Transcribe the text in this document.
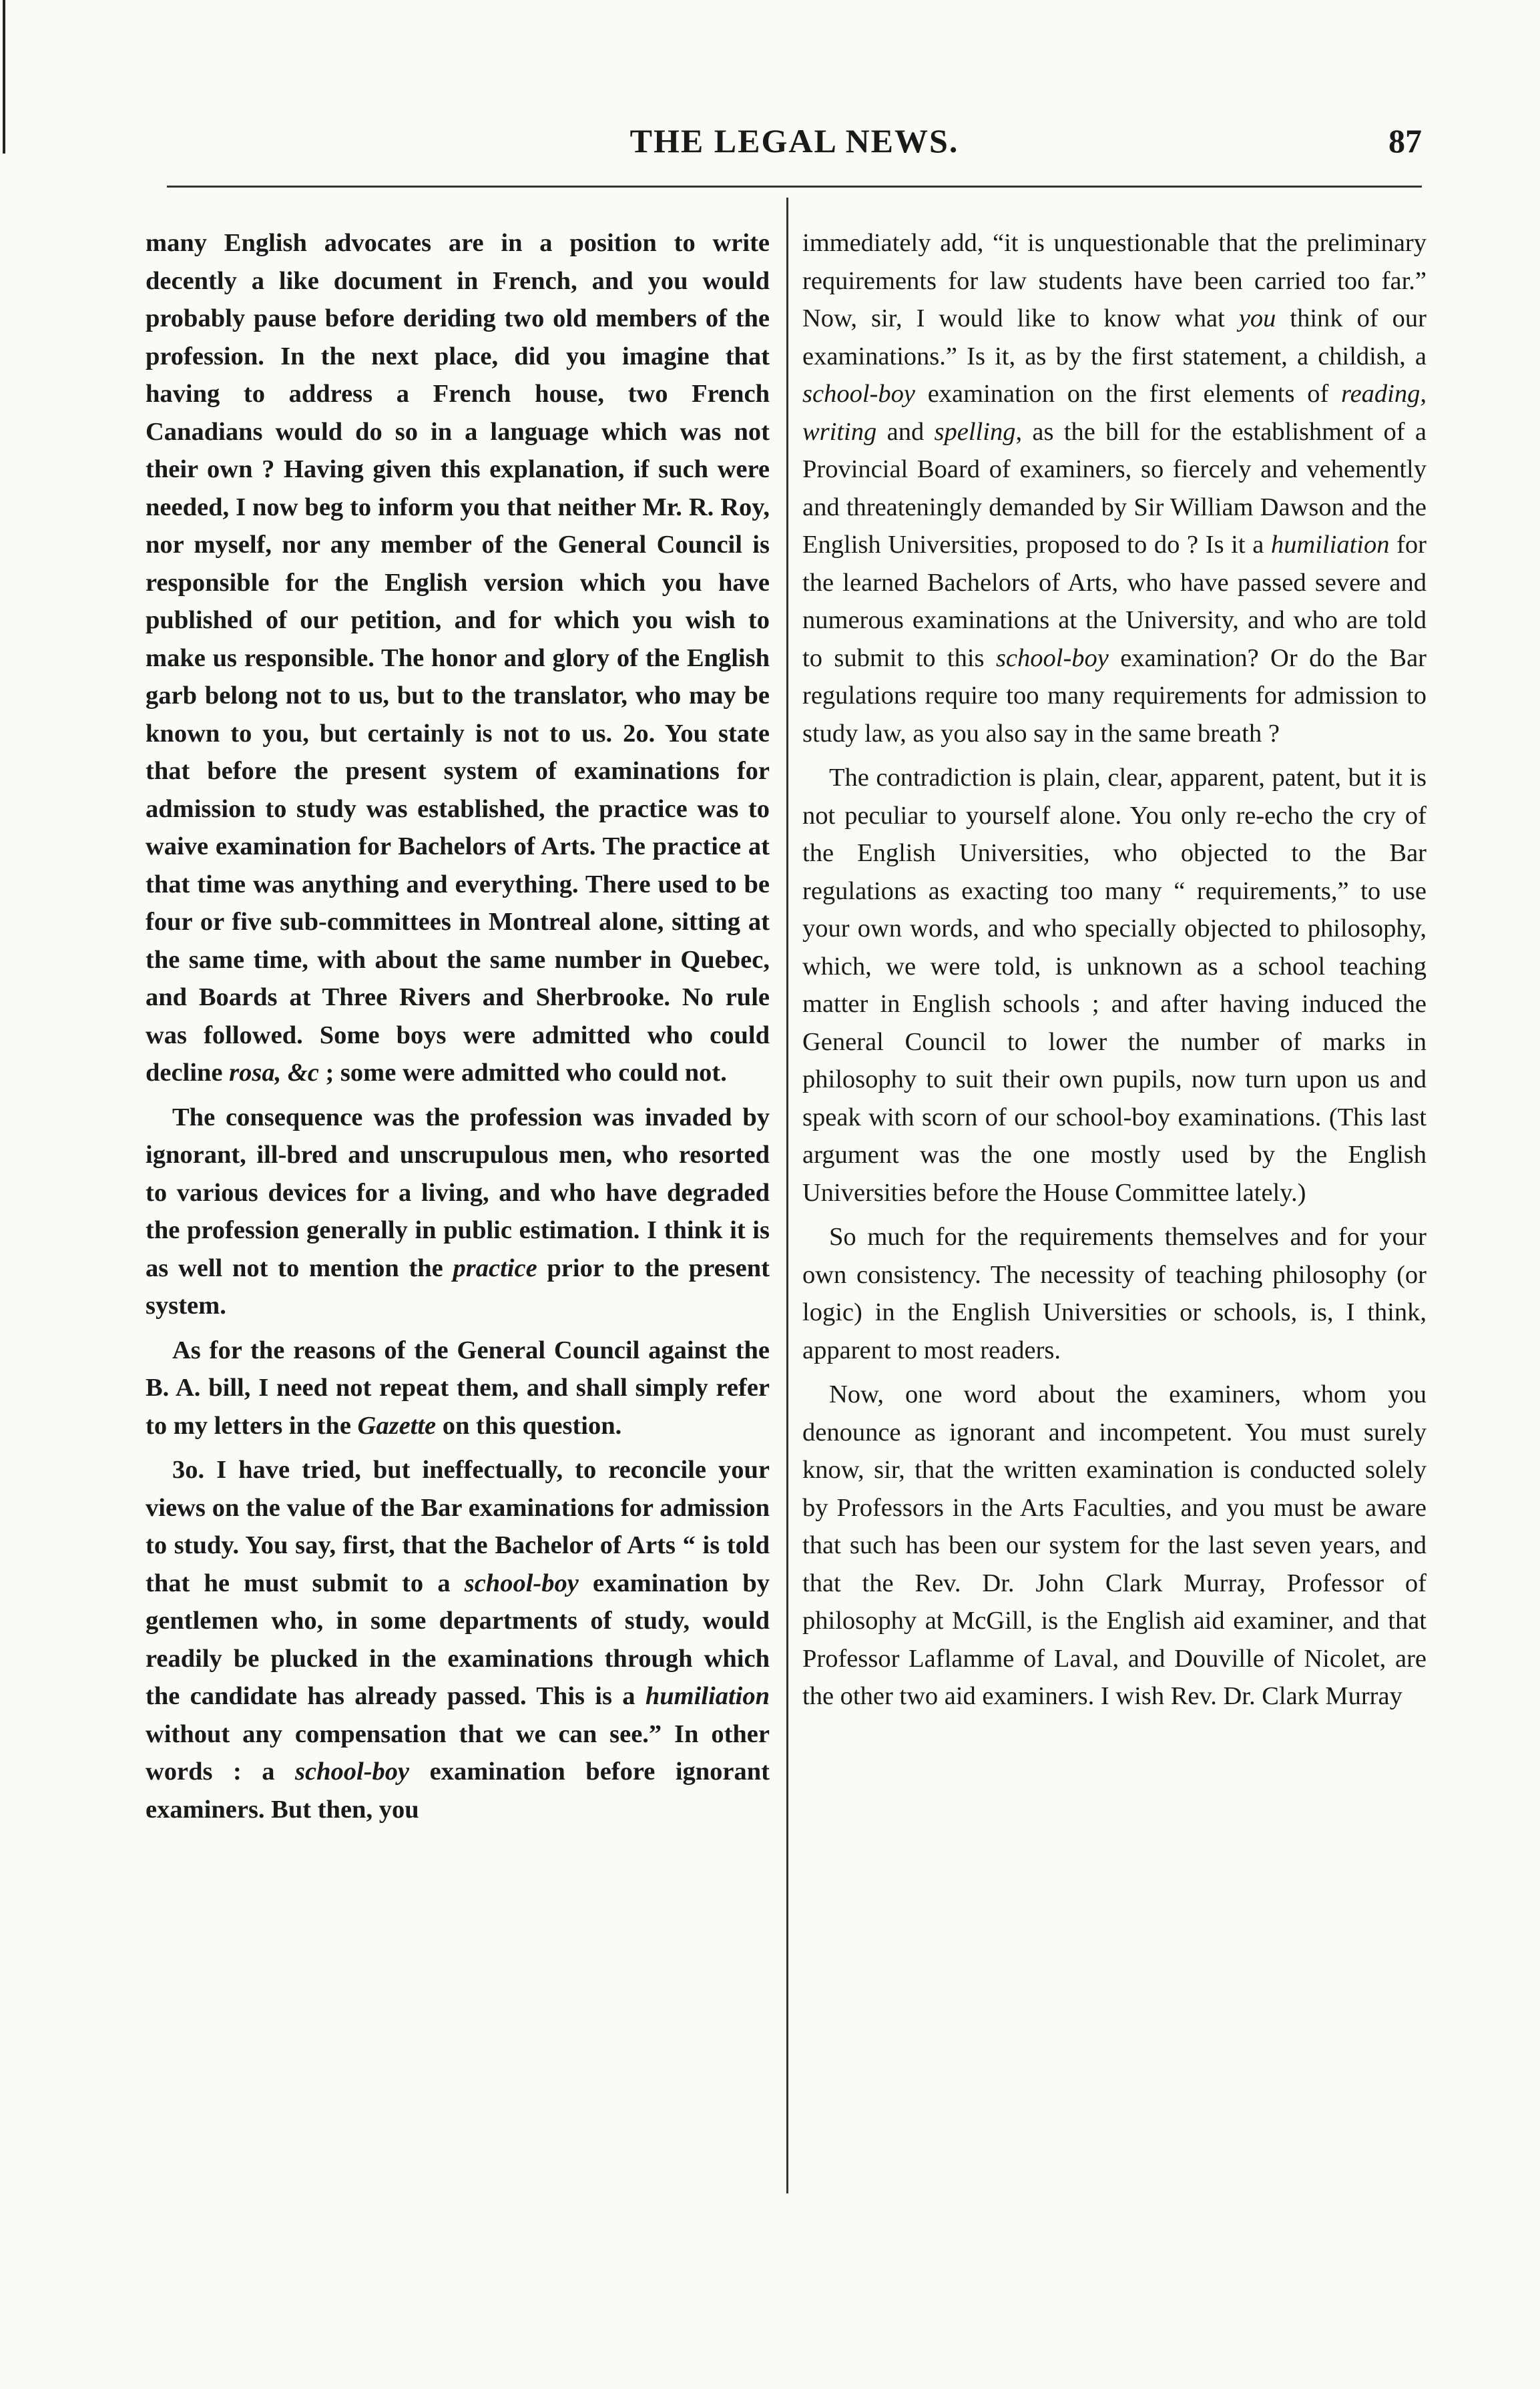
THE LEGAL NEWS.	87

many English advocates are in a position to write decently a like document in French, and you would probably pause before deriding two old members of the profession. In the next place, did you imagine that having to address a French house, two French Canadians would do so in a language which was not their own ? Having given this explanation, if such were needed, I now beg to inform you that neither Mr. R. Roy, nor myself, nor any member of the General Council is responsible for the English version which you have published of our petition, and for which you wish to make us responsible. The honor and glory of the English garb belong not to us, but to the translator, who may be known to you, but certainly is not to us. 2o. You state that before the present system of examinations for admission to study was established, the practice was to waive examination for Bachelors of Arts. The practice at that time was anything and everything. There used to be four or five sub-committees in Montreal alone, sitting at the same time, with about the same number in Quebec, and Boards at Three Rivers and Sherbrooke. No rule was followed. Some boys were admitted who could decline rosa, &c ; some were admitted who could not.

The consequence was the profession was invaded by ignorant, ill-bred and unscrupulous men, who resorted to various devices for a living, and who have degraded the profession generally in public estimation. I think it is as well not to mention the practice prior to the present system.

As for the reasons of the General Council against the B. A. bill, I need not repeat them, and shall simply refer to my letters in the Gazette on this question.

3o. I have tried, but ineffectually, to reconcile your views on the value of the Bar examinations for admission to study. You say, first, that the Bachelor of Arts “ is told that he must submit to a school-boy examination by gentlemen who, in some departments of study, would readily be plucked in the examinations through which the candidate has already passed. This is a humiliation without any compensation that we can see.” In other words : a school-boy examination before ignorant examiners. But then, you

immediately add, “it is unquestionable that the preliminary requirements for law students have been carried too far.” Now, sir, I would like to know what you think of our examinations.” Is it, as by the first statement, a childish, a school-boy examination on the first elements of reading, writing and spelling, as the bill for the establishment of a Provincial Board of examiners, so fiercely and vehemently and threateningly demanded by Sir William Dawson and the English Universities, proposed to do ? Is it a humiliation for the learned Bachelors of Arts, who have passed severe and numerous examinations at the University, and who are told to submit to this school-boy examination? Or do the Bar regulations require too many requirements for admission to study law, as you also say in the same breath ?

The contradiction is plain, clear, apparent, patent, but it is not peculiar to yourself alone. You only re-echo the cry of the English Universities, who objected to the Bar regulations as exacting too many “ requirements,” to use your own words, and who specially objected to philosophy, which, we were told, is unknown as a school teaching matter in English schools ; and after having induced the General Council to lower the number of marks in philosophy to suit their own pupils, now turn upon us and speak with scorn of our school-boy examinations. (This last argument was the one mostly used by the English Universities before the House Committee lately.)

So much for the requirements themselves and for your own consistency. The necessity of teaching philosophy (or logic) in the English Universities or schools, is, I think, apparent to most readers.

Now, one word about the examiners, whom you denounce as ignorant and incompetent. You must surely know, sir, that the written examination is conducted solely by Professors in the Arts Faculties, and you must be aware that such has been our system for the last seven years, and that the Rev. Dr. John Clark Murray, Professor of philosophy at McGill, is the English aid examiner, and that Professor Laflamme of Laval, and Douville of Nicolet, are the other two aid examiners. I wish Rev. Dr. Clark Murray
